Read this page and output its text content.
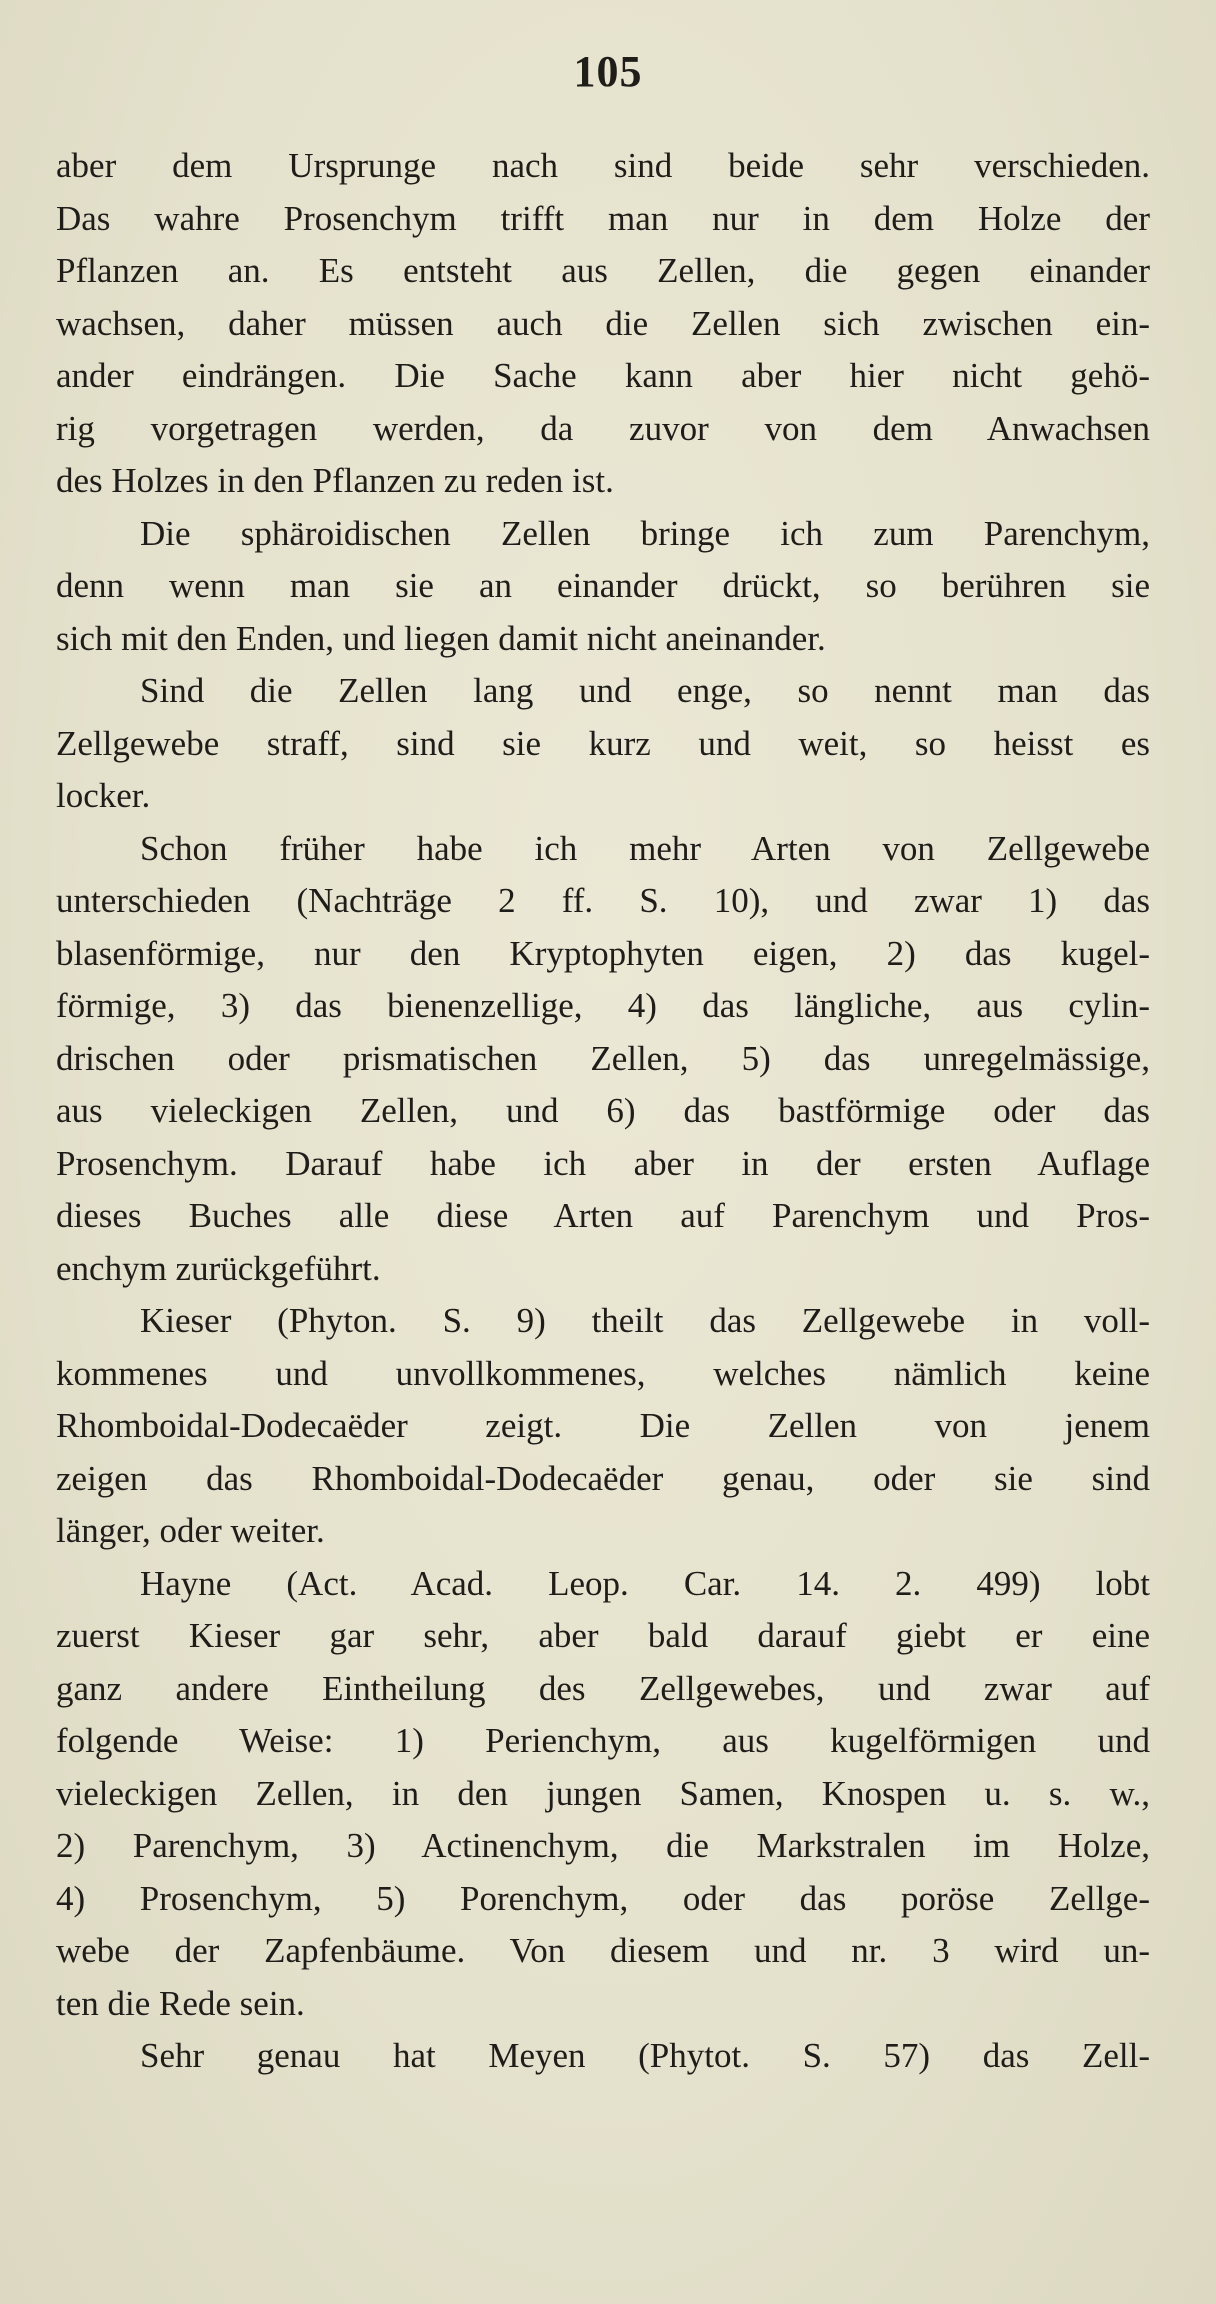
105
aber dem Ursprunge nach sind beide sehr verschieden.
Das wahre Prosenchym trifft man nur in dem Holze der
Pflanzen an. Es entsteht aus Zellen, die gegen einander
wachsen, daher müssen auch die Zellen sich zwischen ein-
ander eindrängen. Die Sache kann aber hier nicht gehö-
rig vorgetragen werden, da zuvor von dem Anwachsen
des Holzes in den Pflanzen zu reden ist.
Die sphäroidischen Zellen bringe ich zum Parenchym,
denn wenn man sie an einander drückt, so berühren sie
sich mit den Enden, und liegen damit nicht aneinander.
Sind die Zellen lang und enge, so nennt man das
Zellgewebe straff, sind sie kurz und weit, so heisst es
locker.
Schon früher habe ich mehr Arten von Zellgewebe
unterschieden (Nachträge 2 ff. S. 10), und zwar 1) das
blasenförmige, nur den Kryptophyten eigen, 2) das kugel-
förmige, 3) das bienenzellige, 4) das längliche, aus cylin-
drischen oder prismatischen Zellen, 5) das unregelmässige,
aus vieleckigen Zellen, und 6) das bastförmige oder das
Prosenchym. Darauf habe ich aber in der ersten Auflage
dieses Buches alle diese Arten auf Parenchym und Pros-
enchym zurückgeführt.
Kieser (Phyton. S. 9) theilt das Zellgewebe in voll-
kommenes und unvollkommenes, welches nämlich keine
Rhomboidal-Dodecaëder zeigt. Die Zellen von jenem
zeigen das Rhomboidal-Dodecaëder genau, oder sie sind
länger, oder weiter.
Hayne (Act. Acad. Leop. Car. 14. 2. 499) lobt
zuerst Kieser gar sehr, aber bald darauf giebt er eine
ganz andere Eintheilung des Zellgewebes, und zwar auf
folgende Weise: 1) Perienchym, aus kugelförmigen und
vieleckigen Zellen, in den jungen Samen, Knospen u. s. w.,
2) Parenchym, 3) Actinenchym, die Markstralen im Holze,
4) Prosenchym, 5) Porenchym, oder das poröse Zellge-
webe der Zapfenbäume. Von diesem und nr. 3 wird un-
ten die Rede sein.
Sehr genau hat Meyen (Phytot. S. 57) das Zell-
